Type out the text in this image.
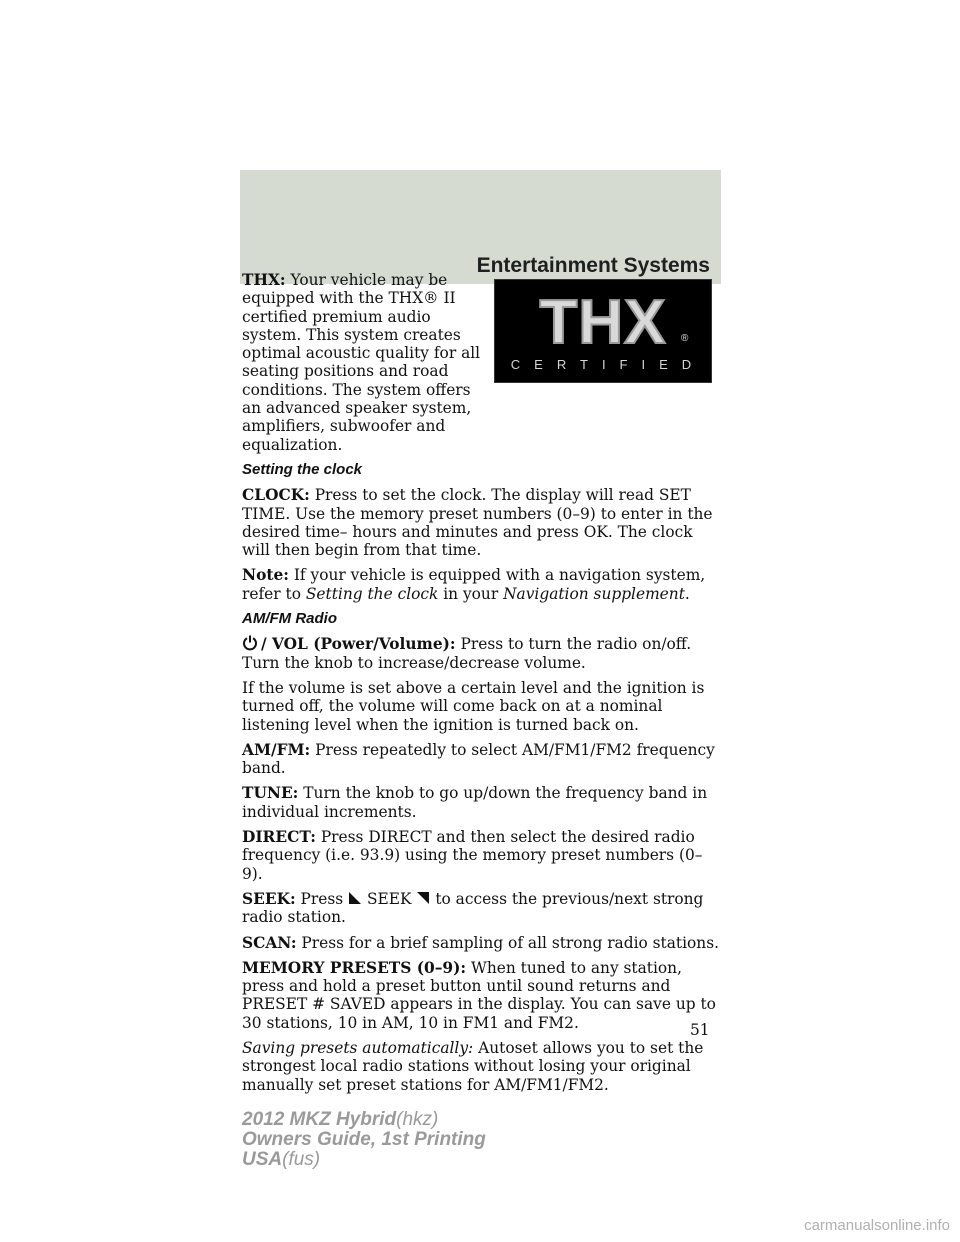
Entertainment Systems
THX	®
CERTIFIED

THX: Your vehicle may be equipped with the THX® II certified premium audio system. This system creates optimal acoustic quality for all seating positions and road conditions. The system offers an advanced speaker system, amplifiers, subwoofer and equalization.

Setting the clock

CLOCK: Press to set the clock. The display will read SET TIME. Use the memory preset numbers (0–9) to enter in the desired time– hours and minutes and press OK. The clock will then begin from that time.

Note: If your vehicle is equipped with a navigation system, refer to Setting the clock in your Navigation supplement.

AM/FM Radio

/ VOL (Power/Volume): Press to turn the radio on/off. Turn the knob to increase/decrease volume.

If the volume is set above a certain level and the ignition is turned off, the volume will come back on at a nominal listening level when the ignition is turned back on.

AM/FM: Press repeatedly to select AM/FM1/FM2 frequency band.

TUNE: Turn the knob to go up/down the frequency band in individual increments.

DIRECT: Press DIRECT and then select the desired radio frequency (i.e. 93.9) using the memory preset numbers (0–9).

SEEK: Press SEEK to access the previous/next strong radio station.

SCAN: Press for a brief sampling of all strong radio stations.

MEMORY PRESETS (0–9): When tuned to any station, press and hold a preset button until sound returns and PRESET # SAVED appears in the display. You can save up to 30 stations, 10 in AM, 10 in FM1 and FM2.

Saving presets automatically: Autoset allows you to set the strongest local radio stations without losing your original manually set preset stations for AM/FM1/FM2.

51
2012 MKZ Hybrid(hkz)
Owners Guide, 1st Printing
USA(fus)
carmanualsonline.info
